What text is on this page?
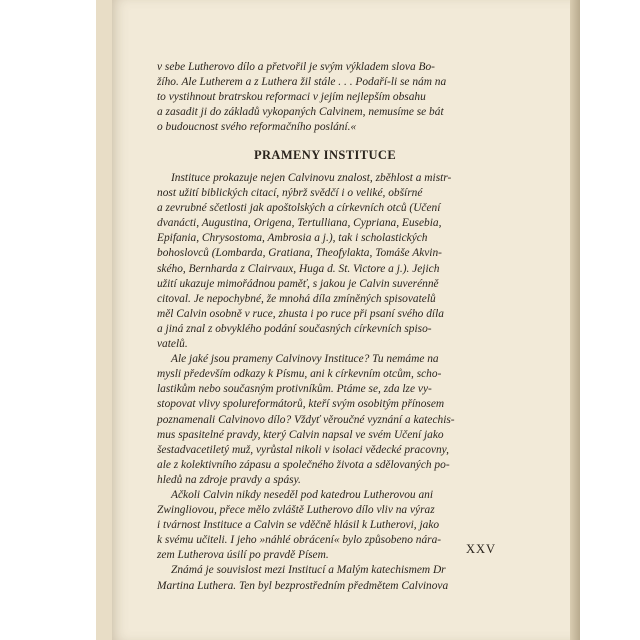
v sebe Lutherovo dílo a přetvořil je svým výkladem slova Bo-

žího. Ale Lutherem a z Luthera žil stále . . . Podaří-li se nám na

to vystihnout bratrskou reformaci v jejím nejlepším obsahu

a zasadit ji do základů vykopaných Calvinem, nemusíme se bát

o budoucnost svého reformačního poslání.«

PRAMENY INSTITUCE

Instituce prokazuje nejen Calvinovu znalost, zběhlost a mistr-

nost užití biblických citací, nýbrž svědčí i o veliké, obšírné

a zevrubné sčetlosti jak apoštolských a církevních otců (Učení

dvanácti, Augustina, Origena, Tertulliana, Cypriana, Eusebia,

Epifania, Chrysostoma, Ambrosia a j.), tak i scholastických

bohoslovců (Lombarda, Gratiana, Theofylakta, Tomáše Akvin-

ského, Bernharda z Clairvaux, Huga d. St. Victore a j.). Jejich

užití ukazuje mimořádnou paměť, s jakou je Calvin suverénně

citoval. Je nepochybné, že mnohá díla zmíněných spisovatelů

měl Calvin osobně v ruce, zhusta i po ruce při psaní svého díla

a jiná znal z obvyklého podání současných církevních spiso-

vatelů.

Ale jaké jsou prameny Calvinovy Instituce? Tu nemáme na

mysli především odkazy k Písmu, ani k církevním otcům, scho-

lastikům nebo současným protivníkům. Ptáme se, zda lze vy-

stopovat vlivy spolureformátorů, kteří svým osobitým přínosem

poznamenali Calvinovo dílo? Vždyť věroučné vyznání a katechis-

mus spasitelné pravdy, který Calvin napsal ve svém Učení jako

šestadvacetiletý muž, vyrůstal nikoli v isolaci vědecké pracovny,

ale z kolektivního zápasu a společného života a sdělovaných po-

hledů na zdroje pravdy a spásy.

Ačkoli Calvin nikdy neseděl pod katedrou Lutherovou ani

Zwingliovou, přece mělo zvláště Lutherovo dílo vliv na výraz

i tvárnost Instituce a Calvin se vděčně hlásil k Lutherovi, jako

k svému učiteli. I jeho »náhlé obrácení« bylo způsobeno nára-

zem Lutherova úsilí po pravdě Písem.

Známá je souvislost mezi Institucí a Malým katechismem Dr

Martina Luthera. Ten byl bezprostředním předmětem Calvinova

XXV
